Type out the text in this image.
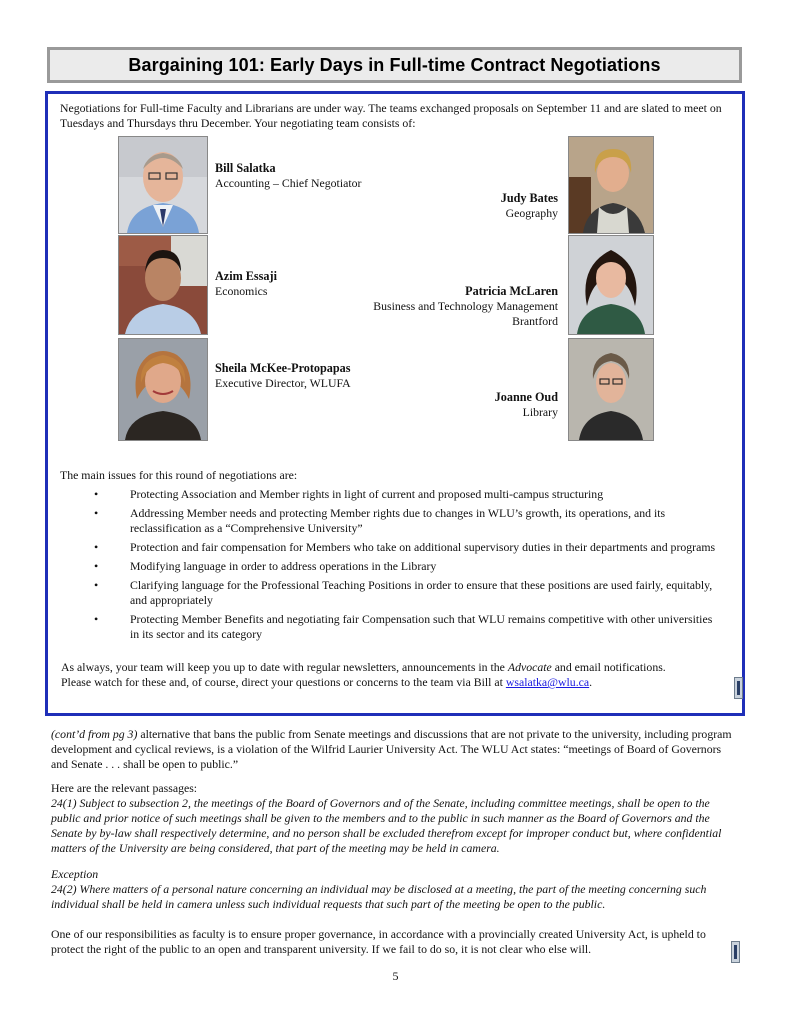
Bargaining 101: Early Days in Full-time Contract Negotiations

Negotiations for Full-time Faculty and Librarians are under way. The teams exchanged proposals on September 11 and are slated to meet on Tuesdays and Thursdays thru December. Your negotiating team consists of:

Bill Salatka
Accounting – Chief Negotiator
Judy Bates
Geography
Azim Essaji
Economics	Patricia McLaren
Business and Technology Management
Brantford
Sheila McKee-Protopapas
Executive Director, WLUFA
Joanne Oud
Library

The main issues for this round of negotiations are:

• Protecting Association and Member rights in light of current and proposed multi-campus structuring
• Addressing Member needs and protecting Member rights due to changes in WLU’s growth, its operations, and its reclassification as a “Comprehensive University”
• Protection and fair compensation for Members who take on additional supervisory duties in their departments and programs
• Modifying language in order to address operations in the Library
• Clarifying language for the Professional Teaching Positions in order to ensure that these positions are used fairly, equitably, and appropriately
• Protecting Member Benefits and negotiating fair Compensation such that WLU remains competitive with other universities in its sector and its category

As always, your team will keep you up to date with regular newsletters, announcements in the Advocate and email notifications. Please watch for these and, of course, direct your questions or concerns to the team via Bill at wsalatka@wlu.ca.

(cont’d from pg 3) alternative that bans the public from Senate meetings and discussions that are not private to the university, including program development and cyclical reviews, is a violation of the Wilfrid Laurier University Act. The WLU Act states: “meetings of Board of Governors and Senate . . . shall be open to public.”

Here are the relevant passages:

24(1) Subject to subsection 2, the meetings of the Board of Governors and of the Senate, including committee meetings, shall be open to the public and prior notice of such meetings shall be given to the members and to the public in such manner as the Board of Governors and the Senate by by-law shall respectively determine, and no person shall be excluded therefrom except for improper conduct but, where confidential matters of the University are being considered, that part of the meeting may be held in camera.

Exception

24(2) Where matters of a personal nature concerning an individual may be disclosed at a meeting, the part of the meeting concerning such individual shall be held in camera unless such individual requests that such part of the meeting be open to the public.

One of our responsibilities as faculty is to ensure proper governance, in accordance with a provincially created University Act, is upheld to protect the right of the public to an open and transparent university. If we fail to do so, it is not clear who else will.

5
